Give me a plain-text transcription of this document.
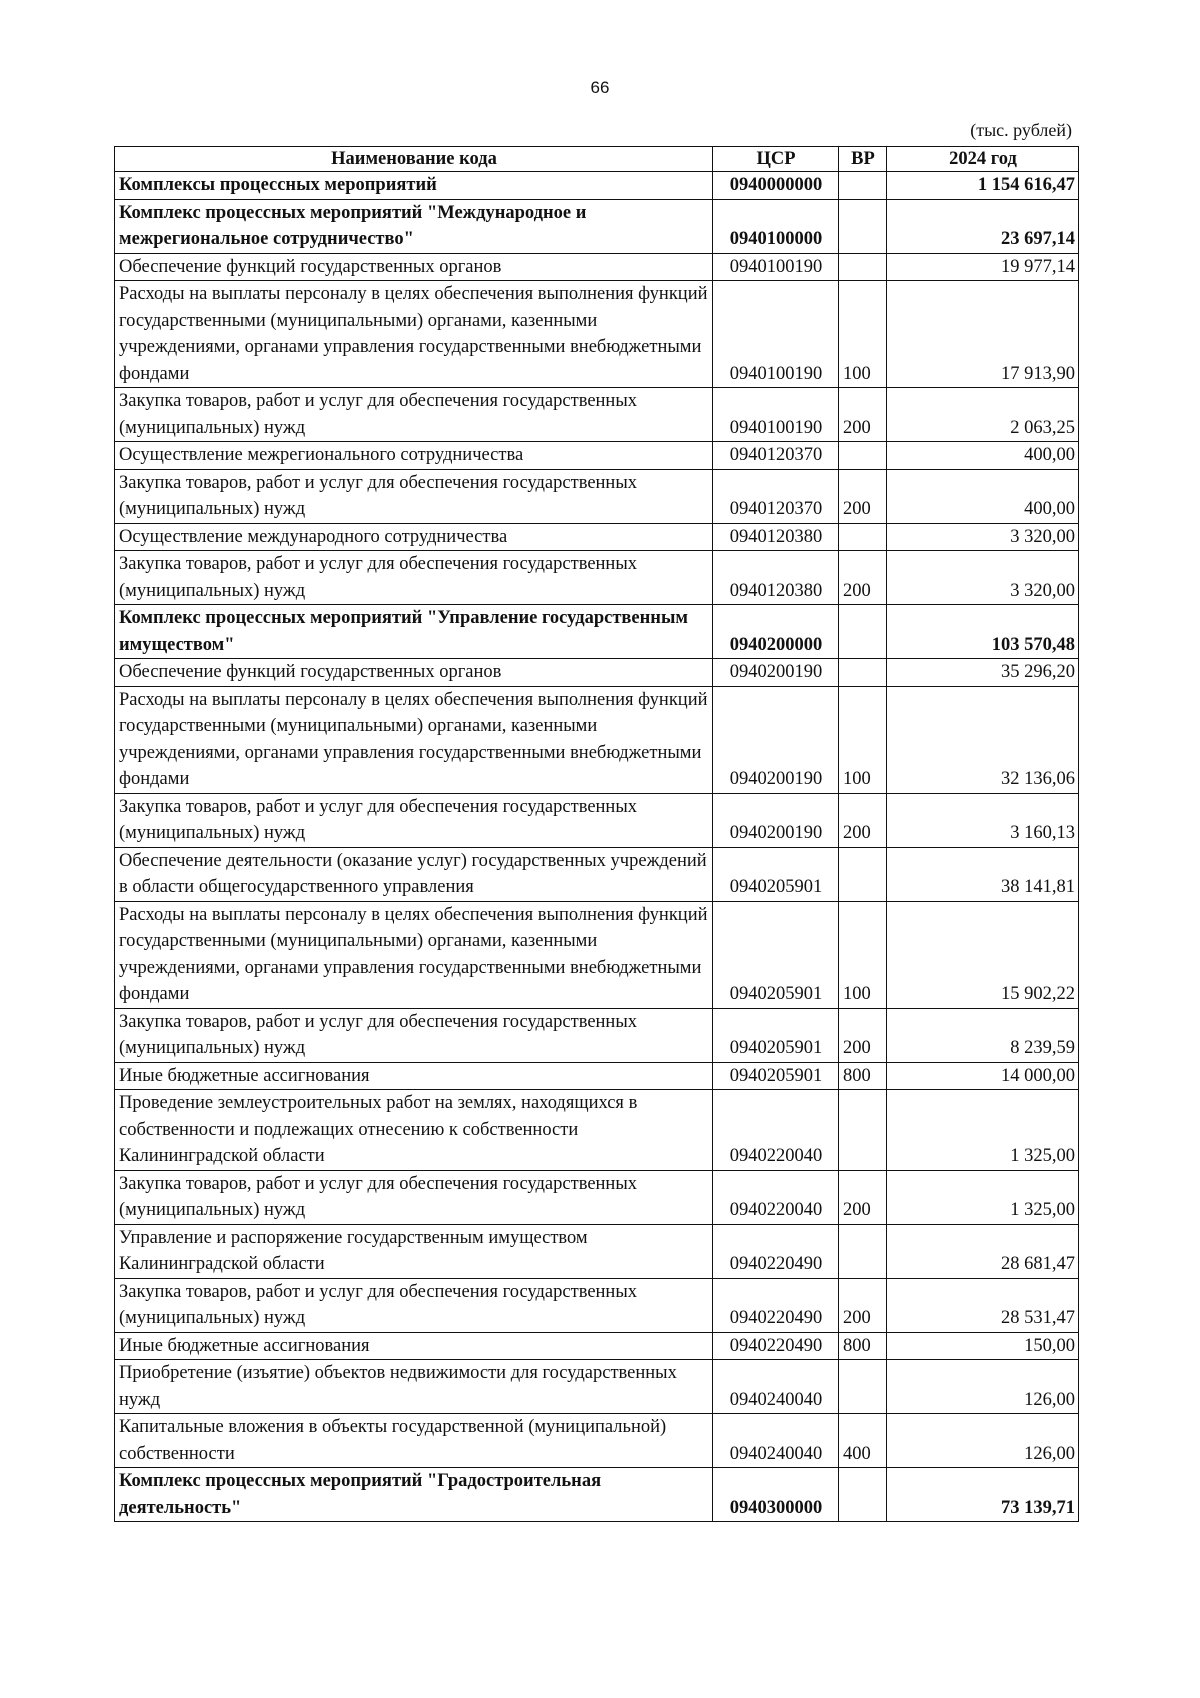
66
(тыс. рублей)
Наименование кода	ЦСР	ВР	2024 год
Комплексы процессных мероприятий	0940000000		1 154 616,47
Комплекс процессных мероприятий "Международное и межрегиональное сотрудничество"	0940100000		23 697,14
Обеспечение функций государственных органов	0940100190		19 977,14
Расходы на выплаты персоналу в целях обеспечения выполнения функций государственными (муниципальными) органами, казенными учреждениями, органами управления государственными внебюджетными фондами	0940100190	100	17 913,90
Закупка товаров, работ и услуг для обеспечения государственных (муниципальных) нужд	0940100190	200	2 063,25
Осуществление межрегионального сотрудничества	0940120370		400,00
Закупка товаров, работ и услуг для обеспечения государственных (муниципальных) нужд	0940120370	200	400,00
Осуществление международного сотрудничества	0940120380		3 320,00
Закупка товаров, работ и услуг для обеспечения государственных (муниципальных) нужд	0940120380	200	3 320,00
Комплекс процессных мероприятий "Управление государственным имуществом"	0940200000		103 570,48
Обеспечение функций государственных органов	0940200190		35 296,20
Расходы на выплаты персоналу в целях обеспечения выполнения функций государственными (муниципальными) органами, казенными учреждениями, органами управления государственными внебюджетными фондами	0940200190	100	32 136,06
Закупка товаров, работ и услуг для обеспечения государственных (муниципальных) нужд	0940200190	200	3 160,13
Обеспечение деятельности (оказание услуг) государственных учреждений в области общегосударственного управления	0940205901		38 141,81
Расходы на выплаты персоналу в целях обеспечения выполнения функций государственными (муниципальными) органами, казенными учреждениями, органами управления государственными внебюджетными фондами	0940205901	100	15 902,22
Закупка товаров, работ и услуг для обеспечения государственных (муниципальных) нужд	0940205901	200	8 239,59
Иные бюджетные ассигнования	0940205901	800	14 000,00
Проведение землеустроительных работ на землях, находящихся в собственности и подлежащих отнесению к собственности Калининградской области	0940220040		1 325,00
Закупка товаров, работ и услуг для обеспечения государственных (муниципальных) нужд	0940220040	200	1 325,00
Управление и распоряжение государственным имуществом Калининградской области	0940220490		28 681,47
Закупка товаров, работ и услуг для обеспечения государственных (муниципальных) нужд	0940220490	200	28 531,47
Иные бюджетные ассигнования	0940220490	800	150,00
Приобретение (изъятие) объектов недвижимости для государственных нужд	0940240040		126,00
Капитальные вложения в объекты государственной (муниципальной) собственности	0940240040	400	126,00
Комплекс процессных мероприятий "Градостроительная деятельность"	0940300000		73 139,71
